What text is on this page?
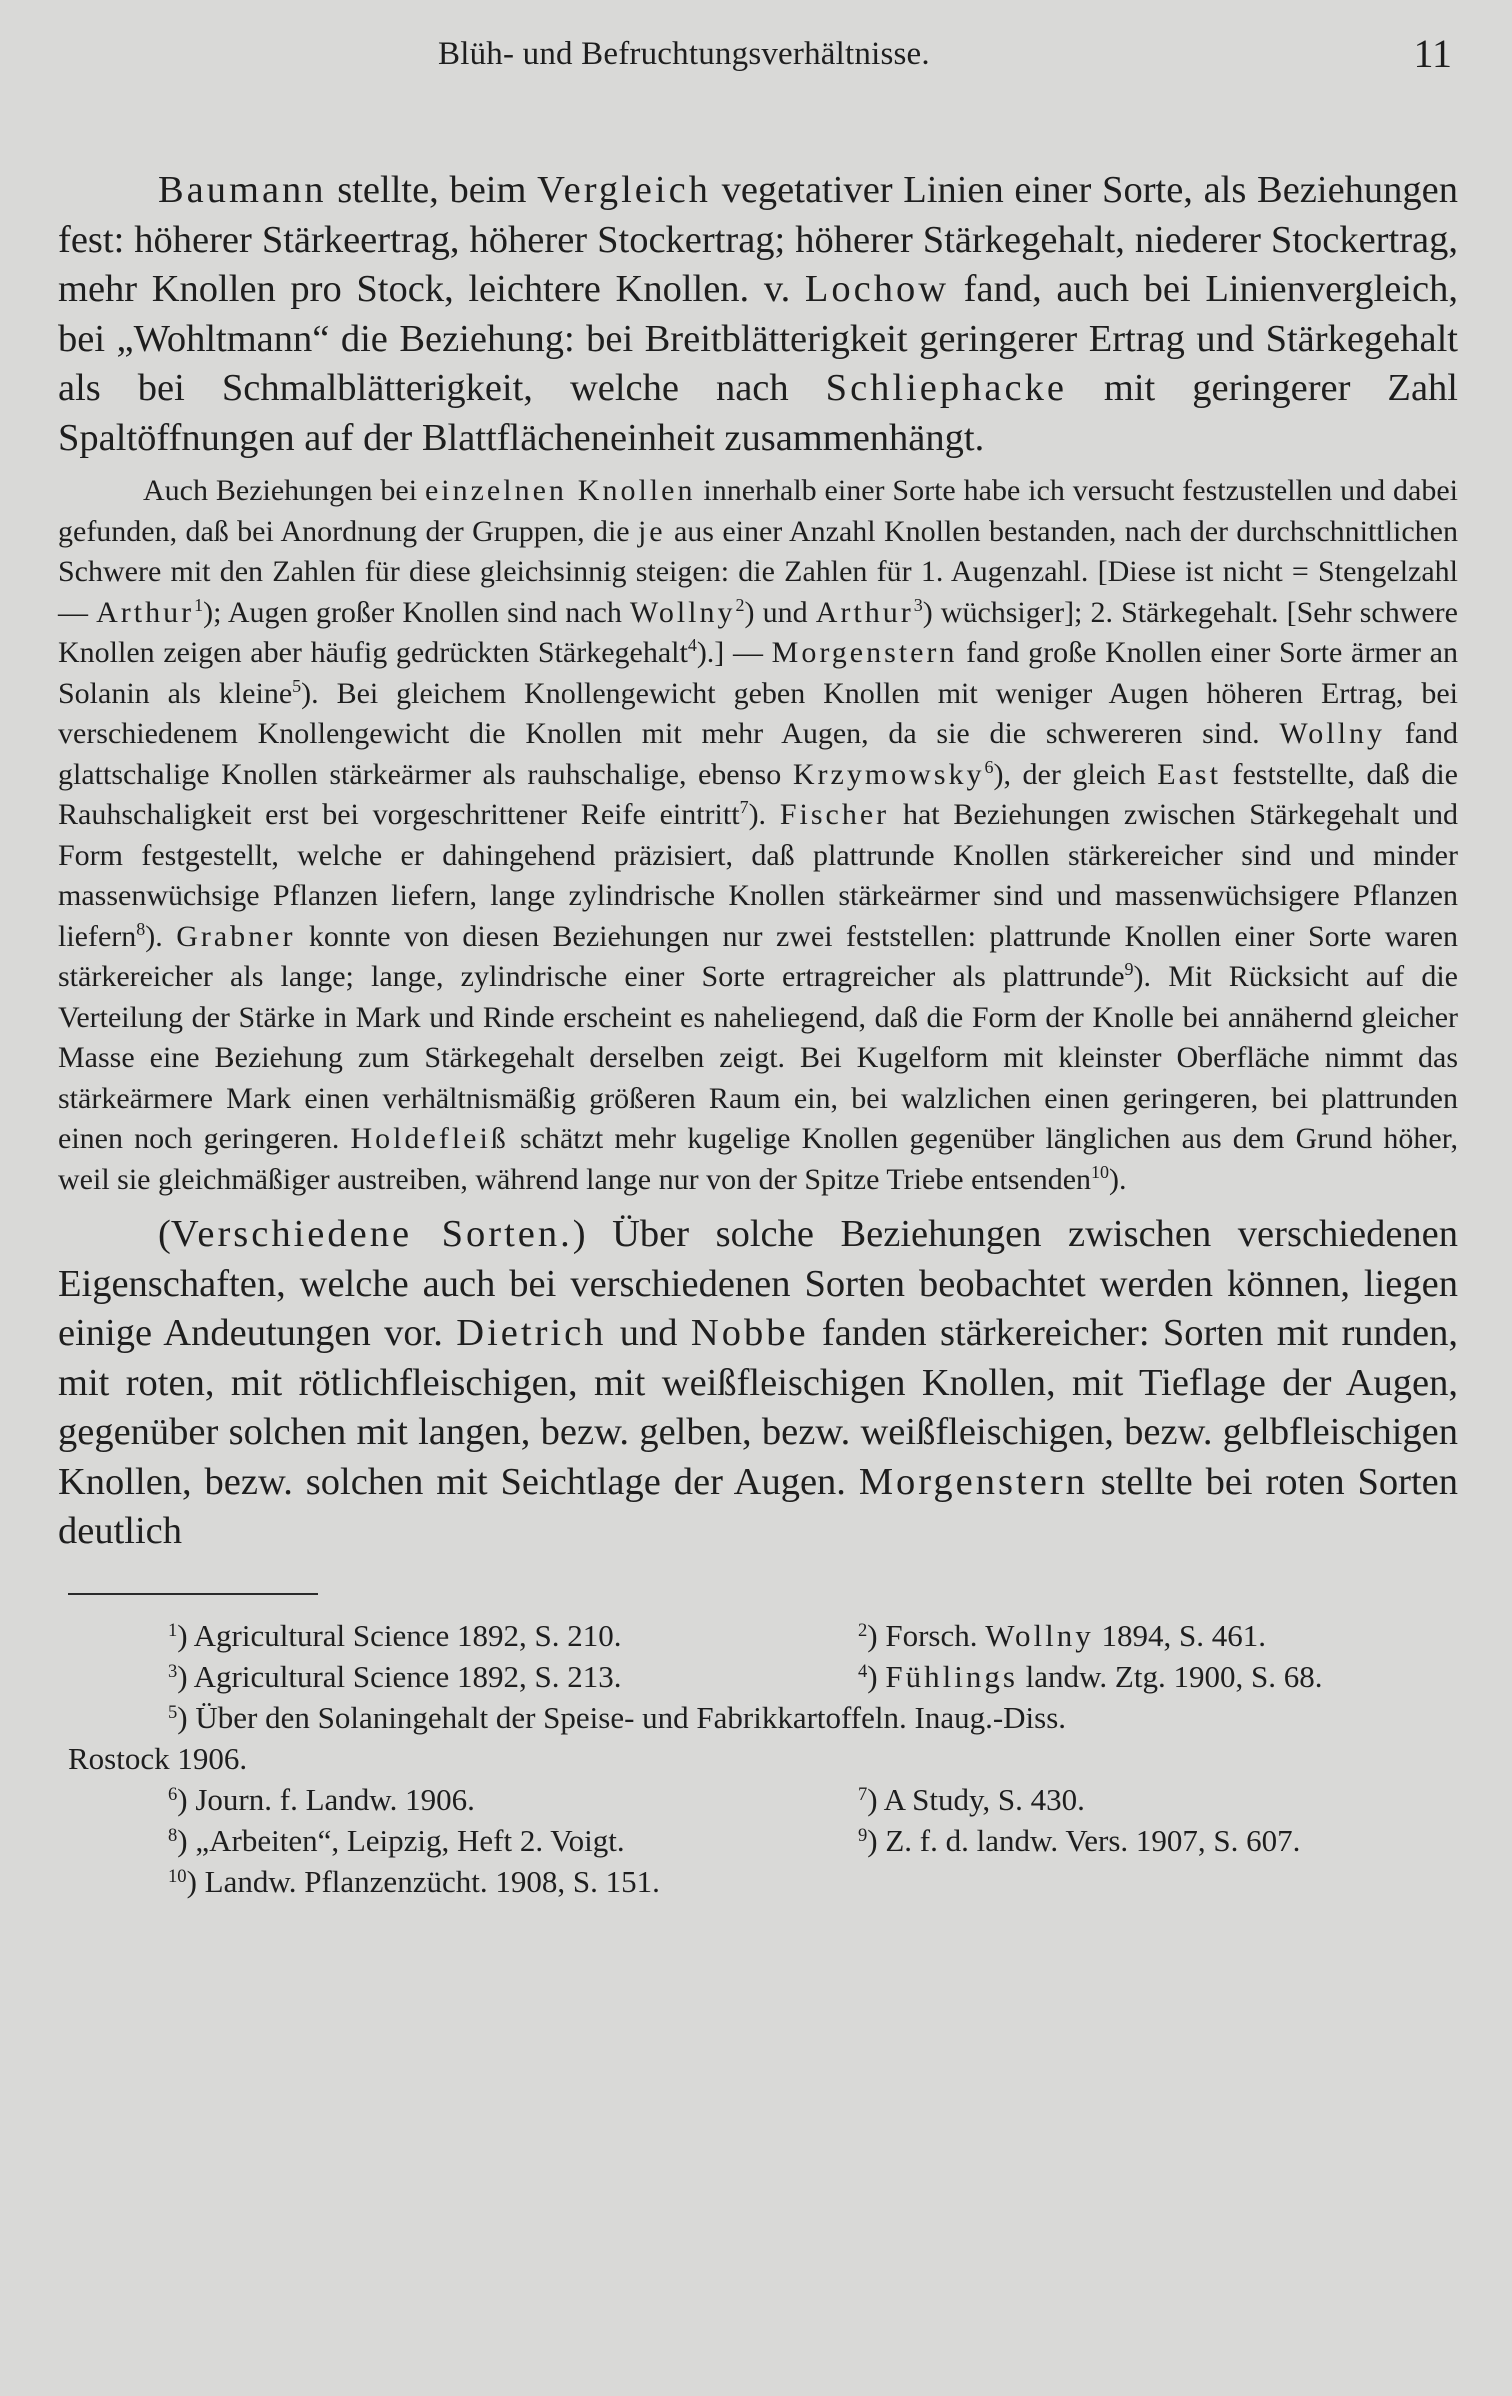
Blüh- und Befruchtungsverhältnisse.	11

Baumann stellte, beim Vergleich vegetativer Linien einer Sorte, als Beziehungen fest: höherer Stärkeertrag, höherer Stockertrag; höherer Stärkegehalt, niederer Stockertrag, mehr Knollen pro Stock, leichtere Knollen. v. Lochow fand, auch bei Linienvergleich, bei „Wohltmann“ die Beziehung: bei Breitblätterigkeit geringerer Ertrag und Stärkegehalt als bei Schmalblätterigkeit, welche nach Schliephacke mit geringerer Zahl Spaltöffnungen auf der Blattflächeneinheit zusammenhängt.

Auch Beziehungen bei einzelnen Knollen innerhalb einer Sorte habe ich versucht festzustellen und dabei gefunden, daß bei Anordnung der Gruppen, die je aus einer Anzahl Knollen bestanden, nach der durchschnittlichen Schwere mit den Zahlen für diese gleichsinnig steigen: die Zahlen für 1. Augenzahl. [Diese ist nicht = Stengelzahl — Arthur$^1$); Augen großer Knollen sind nach Wollny$^2$) und Arthur$^3$) wüchsiger]; 2. Stärkegehalt. [Sehr schwere Knollen zeigen aber häufig gedrückten Stärkegehalt$^4$).] — Morgenstern fand große Knollen einer Sorte ärmer an Solanin als kleine$^5$). Bei gleichem Knollengewicht geben Knollen mit weniger Augen höheren Ertrag, bei verschiedenem Knollengewicht die Knollen mit mehr Augen, da sie die schwereren sind. Wollny fand glattschalige Knollen stärkeärmer als rauhschalige, ebenso Krzymowsky$^6$), der gleich East feststellte, daß die Rauhschaligkeit erst bei vorgeschrittener Reife eintritt$^7$). Fischer hat Beziehungen zwischen Stärkegehalt und Form festgestellt, welche er dahingehend präzisiert, daß plattrunde Knollen stärkereicher sind und minder massenwüchsige Pflanzen liefern, lange zylindrische Knollen stärkeärmer sind und massenwüchsigere Pflanzen liefern$^8$). Grabner konnte von diesen Beziehungen nur zwei feststellen: plattrunde Knollen einer Sorte waren stärkereicher als lange; lange, zylindrische einer Sorte ertragreicher als plattrunde$^9$). Mit Rücksicht auf die Verteilung der Stärke in Mark und Rinde erscheint es naheliegend, daß die Form der Knolle bei annähernd gleicher Masse eine Beziehung zum Stärkegehalt derselben zeigt. Bei Kugelform mit kleinster Oberfläche nimmt das stärkeärmere Mark einen verhältnismäßig größeren Raum ein, bei walzlichen einen geringeren, bei plattrunden einen noch geringeren. Holdefleiß schätzt mehr kugelige Knollen gegenüber länglichen aus dem Grund höher, weil sie gleichmäßiger austreiben, während lange nur von der Spitze Triebe entsenden$^{10}$).

(Verschiedene Sorten.) Über solche Beziehungen zwischen verschiedenen Eigenschaften, welche auch bei verschiedenen Sorten beobachtet werden können, liegen einige Andeutungen vor. Dietrich und Nobbe fanden stärkereicher: Sorten mit runden, mit roten, mit rötlichfleischigen, mit weißfleischigen Knollen, mit Tieflage der Augen, gegenüber solchen mit langen, bezw. gelben, bezw. weißfleischigen, bezw. gelbfleischigen Knollen, bezw. solchen mit Seichtlage der Augen. Morgenstern stellte bei roten Sorten deutlich

$^1$) Agricultural Science 1892, S. 210.	$^2$) Forsch. Wollny 1894, S. 461.
$^3$) Agricultural Science 1892, S. 213.	$^4$) Fühlings landw. Ztg. 1900, S. 68.
$^5$) Über den Solaningehalt der Speise- und Fabrikkartoffeln. Inaug.-Diss.
Rostock 1906.
$^6$) Journ. f. Landw. 1906.	$^7$) A Study, S. 430.
$^8$) „Arbeiten“, Leipzig, Heft 2. Voigt.	$^9$) Z. f. d. landw. Vers. 1907, S. 607.
$^{10}$) Landw. Pflanzenzücht. 1908, S. 151.
